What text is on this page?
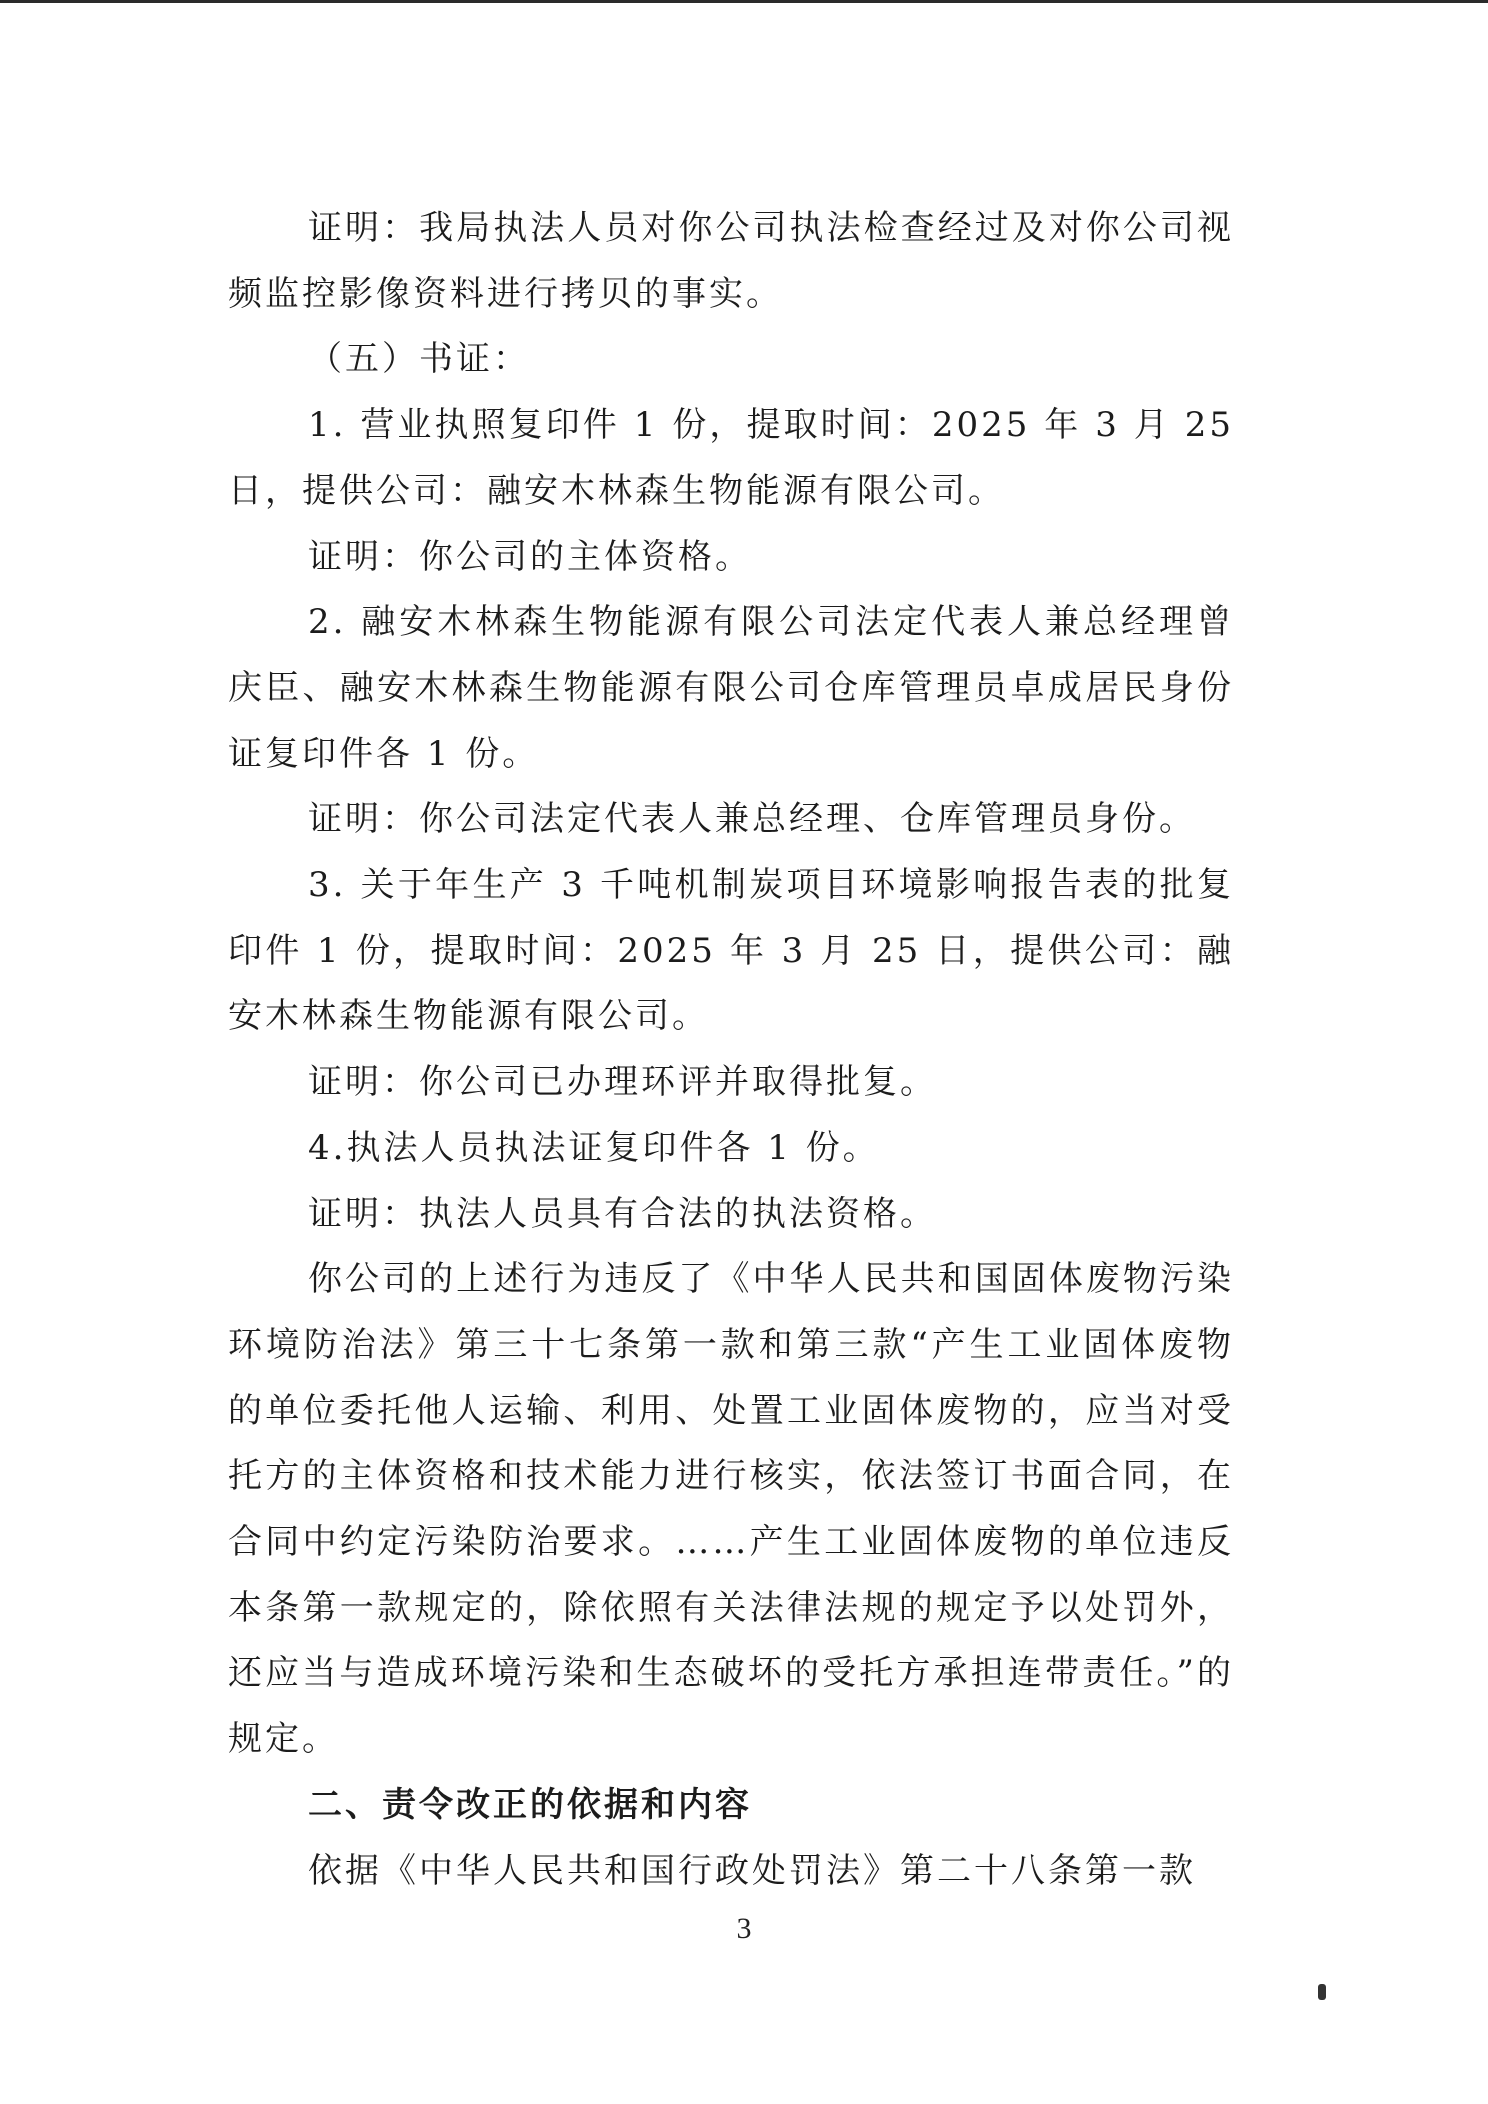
证明：我局执法人员对你公司执法检查经过及对你公司视频监控影像资料进行拷贝的事实。

（五）书证：

1. 营业执照复印件 1 份，提取时间：2025 年 3 月 25 日，提供公司：融安木林森生物能源有限公司。

证明：你公司的主体资格。

2. 融安木林森生物能源有限公司法定代表人兼总经理曾庆臣、融安木林森生物能源有限公司仓库管理员卓成居民身份证复印件各 1 份。

证明：你公司法定代表人兼总经理、仓库管理员身份。

3. 关于年生产 3 千吨机制炭项目环境影响报告表的批复印件 1 份，提取时间：2025 年 3 月 25 日，提供公司：融安木林森生物能源有限公司。

证明：你公司已办理环评并取得批复。

4.执法人员执法证复印件各 1 份。

证明：执法人员具有合法的执法资格。

你公司的上述行为违反了《中华人民共和国固体废物污染环境防治法》第三十七条第一款和第三款“产生工业固体废物的单位委托他人运输、利用、处置工业固体废物的，应当对受托方的主体资格和技术能力进行核实，依法签订书面合同，在合同中约定污染防治要求。……产生工业固体废物的单位违反本条第一款规定的，除依照有关法律法规的规定予以处罚外，还应当与造成环境污染和生态破坏的受托方承担连带责任。”的规定。

二、责令改正的依据和内容

依据《中华人民共和国行政处罚法》第二十八条第一款

3
